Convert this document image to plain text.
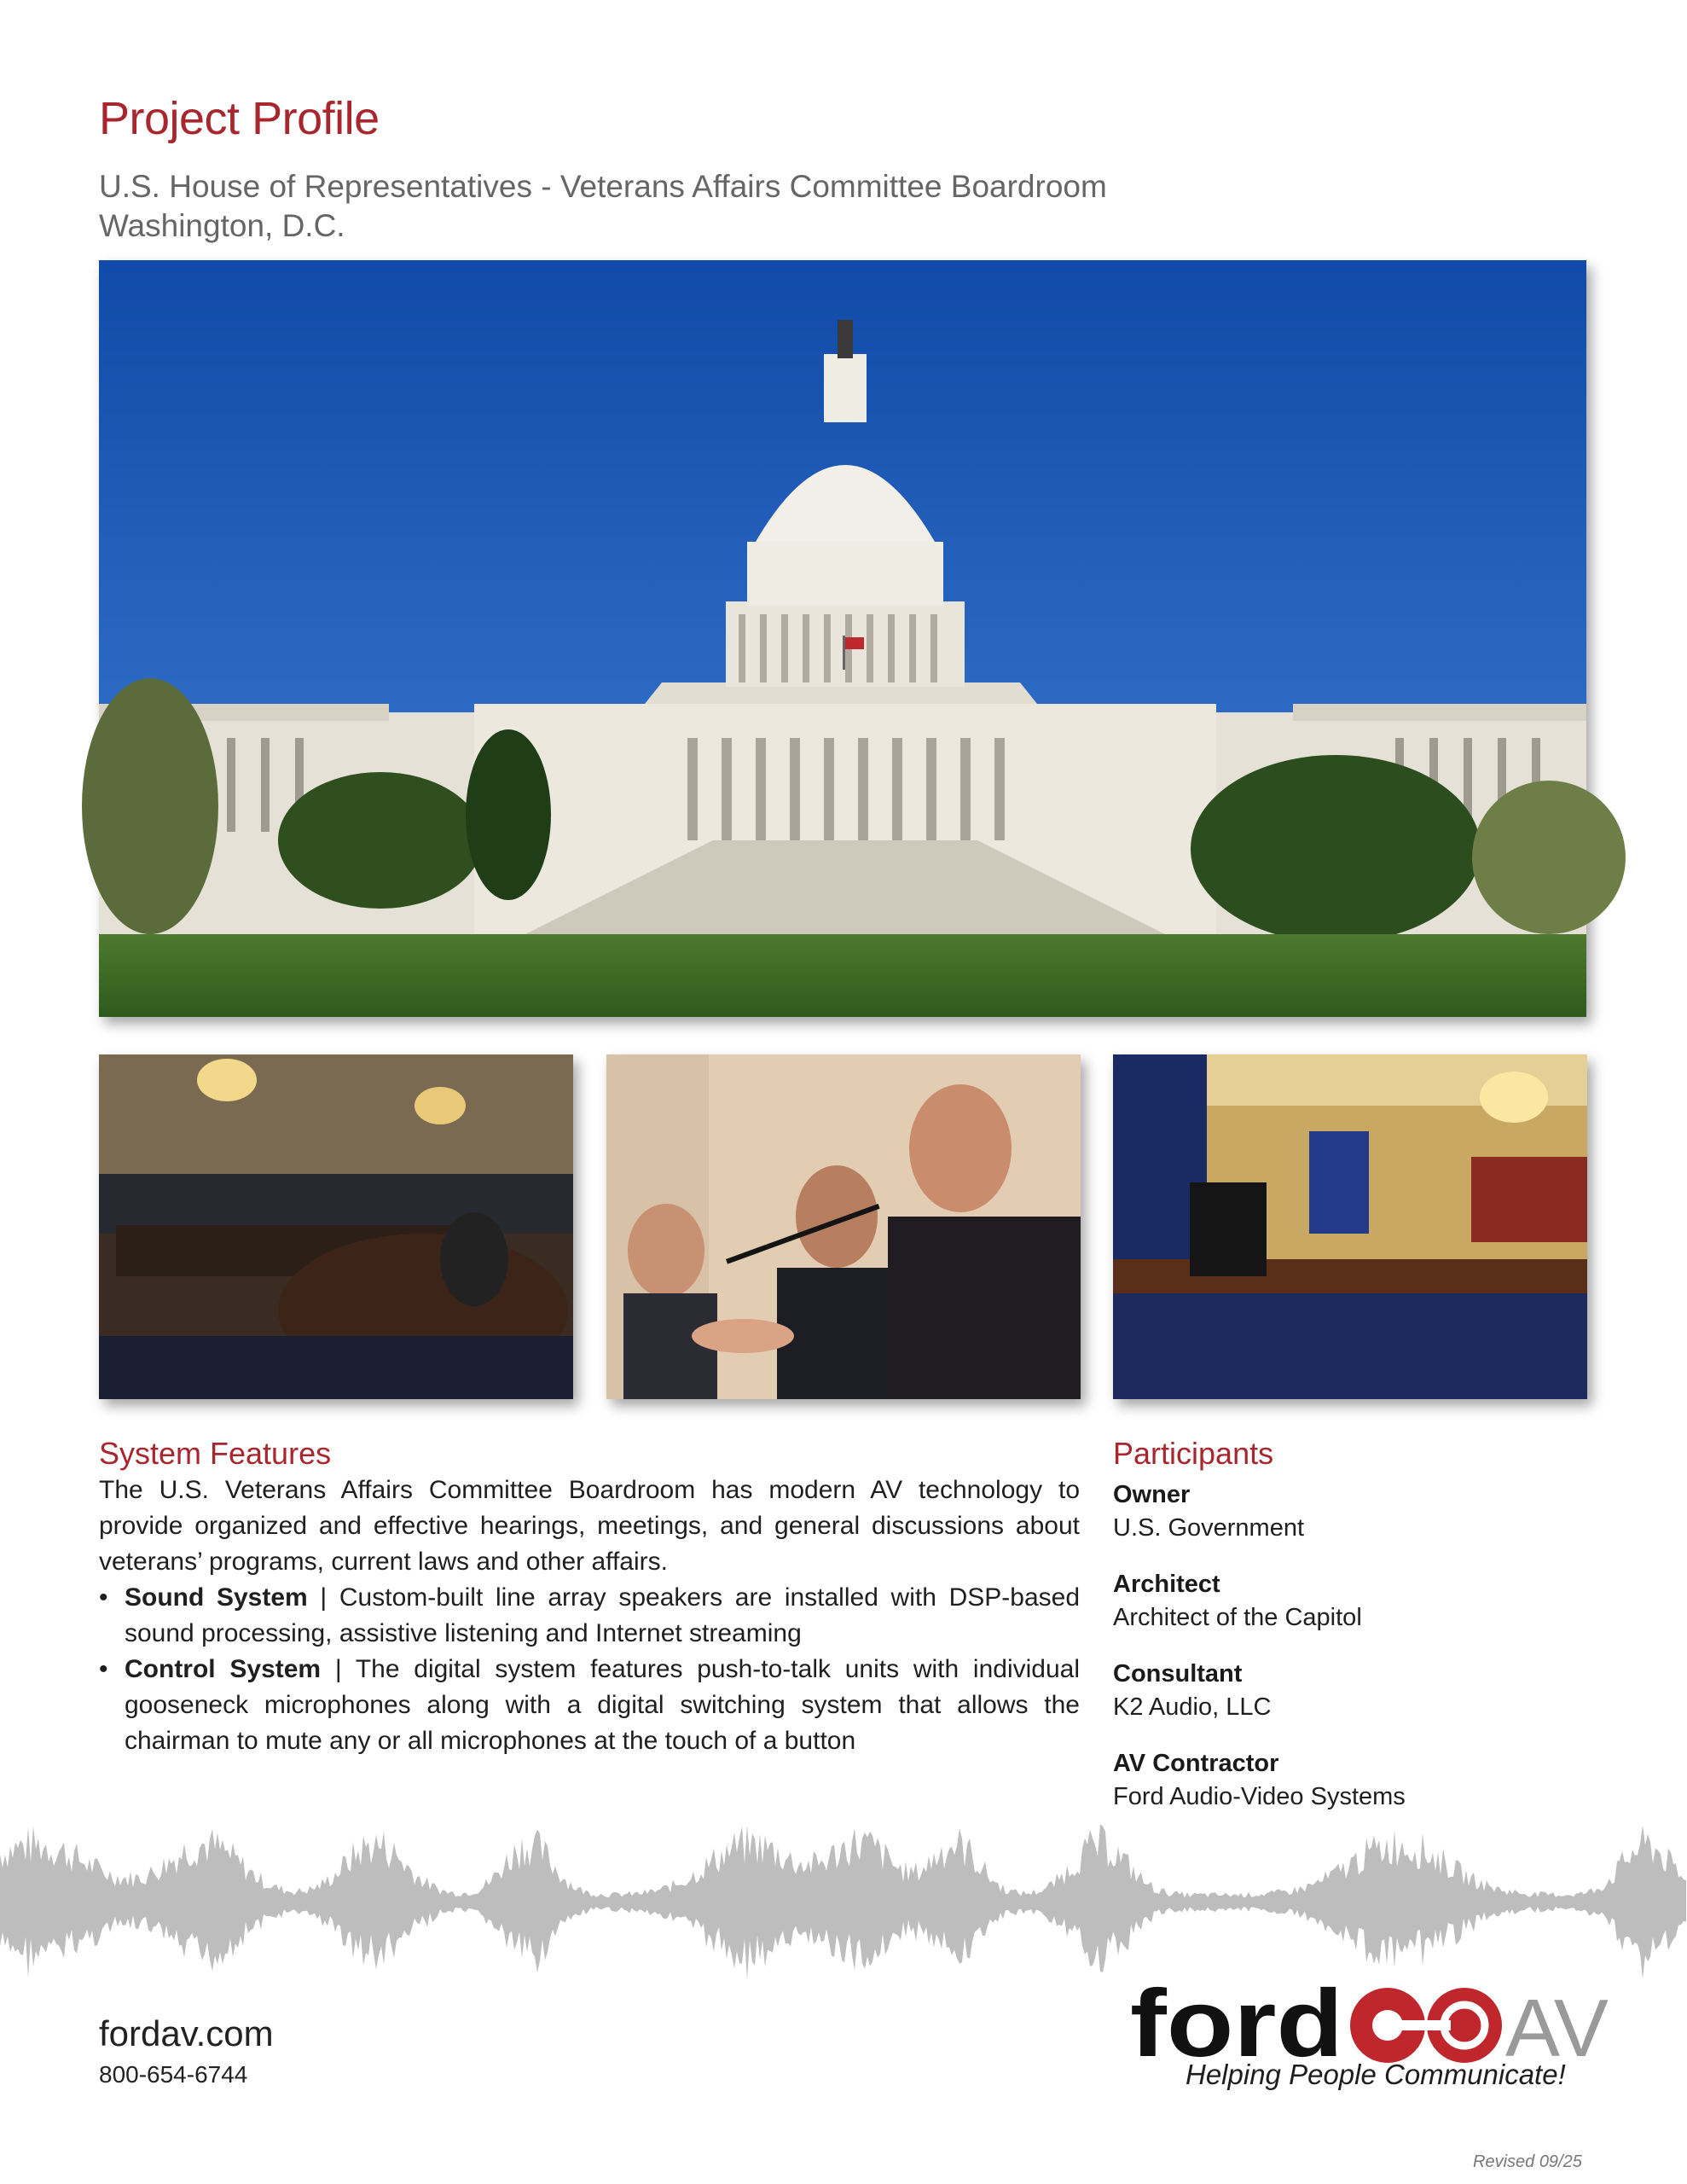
Project Profile
U.S. House of Representatives - Veterans Affairs Committee Boardroom
Washington, D.C.
System Features

The U.S. Veterans Affairs Committee Boardroom has modern AV technology to provide organized and effective hearings, meetings, and general discussions about veterans’ programs, current laws and other affairs.

• Sound System | Custom-built line array speakers are installed with DSP-based sound processing, assistive listening and Internet streaming
• Control System | The digital system features push-to-talk units with individual gooseneck microphones along with a digital switching system that allows the chairman to mute any or all microphones at the touch of a button
Participants
Owner
U.S. Government
Architect
Architect of the Capitol
Consultant
K2 Audio, LLC
AV Contractor
Ford Audio-Video Systems
fordav.com
800-654-6744	ford AV
Helping People Communicate!
Revised 09/25
